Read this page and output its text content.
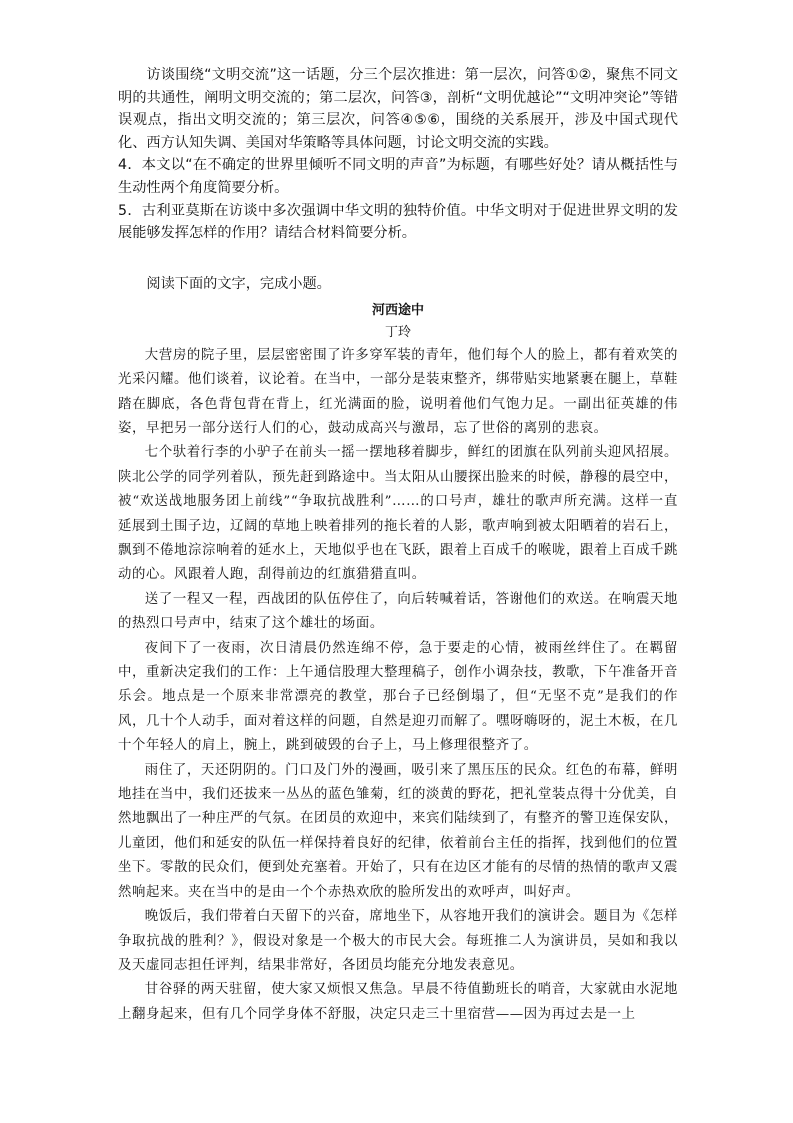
访谈围绕“文明交流”这一话题，分三个层次推进：第一层次，问答①②，聚焦不同文明的共通性，阐明文明交流的；第二层次，问答③，剖析“文明优越论”“文明冲突论”等错误观点，指出文明交流的；第三层次，问答④⑤⑥，围绕的关系展开，涉及中国式现代化、西方认知失调、美国对华策略等具体问题，讨论文明交流的实践。

4．本文以“在不确定的世界里倾听不同文明的声音”为标题，有哪些好处？请从概括性与生动性两个角度简要分析。

5．古利亚莫斯在访谈中多次强调中华文明的独特价值。中华文明对于促进世界文明的发展能够发挥怎样的作用？请结合材料简要分析。

阅读下面的文字，完成小题。

河西途中

丁玲

大营房的院子里，层层密密围了许多穿军装的青年，他们每个人的脸上，都有着欢笑的光采闪耀。他们谈着，议论着。在当中，一部分是装束整齐，绑带贴实地紧裹在腿上，草鞋踏在脚底，各色背包背在背上，红光满面的脸，说明着他们气饱力足。一副出征英雄的伟姿，早把另一部分送行人们的心，鼓动成高兴与激昂，忘了世俗的离别的悲哀。

七个驮着行李的小驴子在前头一摇一摆地移着脚步，鲜红的团旗在队列前头迎风招展。陕北公学的同学列着队，预先赶到路途中。当太阳从山腰探出脸来的时候，静穆的晨空中，被“欢送战地服务团上前线”“争取抗战胜利”……的口号声，雄壮的歌声所充满。这样一直延展到土围子边，辽阔的草地上映着排列的拖长着的人影，歌声响到被太阳晒着的岩石上，飘到不倦地淙淙响着的延水上，天地似乎也在飞跃，跟着上百成千的喉咙，跟着上百成千跳动的心。风跟着人跑，刮得前边的红旗猎猎直叫。

送了一程又一程，西战团的队伍停住了，向后转喊着话，答谢他们的欢送。在响震天地的热烈口号声中，结束了这个雄壮的场面。

夜间下了一夜雨，次日清晨仍然连绵不停，急于要走的心情，被雨丝绊住了。在羁留中，重新决定我们的工作：上午通信股理大整理稿子，创作小调杂技，教歌，下午准备开音乐会。地点是一个原来非常漂亮的教堂，那台子已经倒塌了，但“无坚不克”是我们的作风，几十个人动手，面对着这样的问题，自然是迎刃而解了。嘿呀嗨呀的，泥土木板，在几十个年轻人的肩上，腕上，跳到破毁的台子上，马上修理很整齐了。

雨住了，天还阴阴的。门口及门外的漫画，吸引来了黑压压的民众。红色的布幕，鲜明地挂在当中，我们还拔来一丛丛的蓝色雏菊，红的淡黄的野花，把礼堂装点得十分优美，自然地飘出了一种庄严的气氛。在团员的欢迎中，来宾们陆续到了，有整齐的警卫连保安队，儿童团，他们和延安的队伍一样保持着良好的纪律，依着前台主任的指挥，找到他们的位置坐下。零散的民众们，便到处充塞着。开始了，只有在边区才能有的尽情的热情的歌声又震然响起来。夹在当中的是由一个个赤热欢欣的脸所发出的欢呼声，叫好声。

晚饭后，我们带着白天留下的兴奋，席地坐下，从容地开我们的演讲会。题目为《怎样争取抗战的胜利？》，假设对象是一个极大的市民大会。每班推二人为演讲员，吴如和我以及天虚同志担任评判，结果非常好，各团员均能充分地发表意见。

甘谷驿的两天驻留，使大家又烦恨又焦急。早晨不待值勤班长的哨音，大家就由水泥地上翻身起来，但有几个同学身体不舒服，决定只走三十里宿营——因为再过去是一上
